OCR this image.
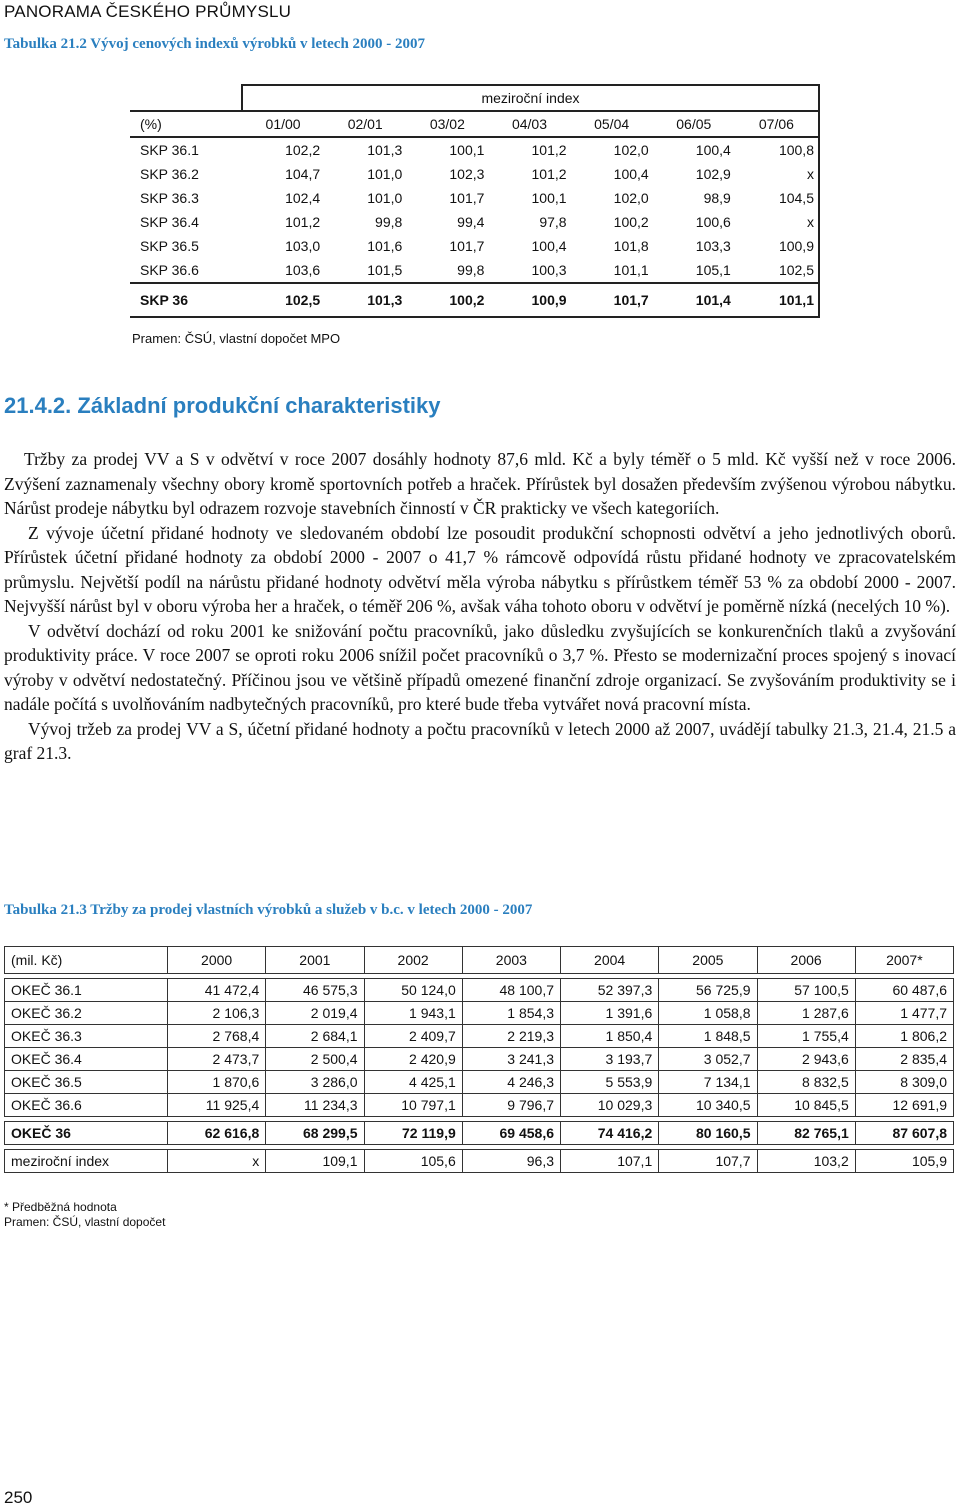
PANORAMA ČESKÉHO PRŮMYSLU
Tabulka 21.2 Vývoj cenových indexů výrobků v letech 2000 - 2007
	meziroční index						
(%)	01/00	02/01	03/02	04/03	05/04	06/05	07/06
SKP 36.1	102,2	101,3	100,1	101,2	102,0	100,4	100,8
SKP 36.2	104,7	101,0	102,3	101,2	100,4	102,9	x
SKP 36.3	102,4	101,0	101,7	100,1	102,0	98,9	104,5
SKP 36.4	101,2	99,8	99,4	97,8	100,2	100,6	x
SKP 36.5	103,0	101,6	101,7	100,4	101,8	103,3	100,9
SKP 36.6	103,6	101,5	99,8	100,3	101,1	105,1	102,5
SKP 36	102,5	101,3	100,2	100,9	101,7	101,4	101,1
Pramen: ČSÚ, vlastní dopočet MPO
21.4.2. Základní produkční charakteristiky

Tržby za prodej VV a S v odvětví v roce 2007 dosáhly hodnoty 87,6 mld. Kč a byly téměř o 5 mld. Kč vyšší než v roce 2006. Zvýšení zaznamenaly všechny obory kromě sportovních potřeb a hraček. Přírůstek byl dosažen především zvýšenou výrobou nábytku. Nárůst prodeje nábytku byl odrazem rozvoje stavebních činností v ČR prakticky ve všech kategoriích.

Z vývoje účetní přidané hodnoty ve sledovaném období lze posoudit produkční schopnosti odvětví a jeho jednotlivých oborů. Přírůstek účetní přidané hodnoty za období 2000 - 2007 o 41,7 % rámcově odpovídá růstu přidané hodnoty ve zpracovatelském průmyslu. Největší podíl na nárůstu přidané hodnoty odvětví měla výroba nábytku s přírůstkem téměř 53 % za období 2000 - 2007. Nejvyšší nárůst byl v oboru výroba her a hraček, o téměř 206 %, avšak váha tohoto oboru v odvětví je poměrně nízká (necelých 10 %).

V odvětví dochází od roku 2001 ke snižování počtu pracovníků, jako důsledku zvyšujících se konkurenčních tlaků a zvyšování produktivity práce. V roce 2007 se oproti roku 2006 snížil počet pracovníků o 3,7 %. Přesto se modernizační proces spojený s inovací výroby v odvětví nedostatečný. Příčinou jsou ve většině případů omezené finanční zdroje organizací. Se zvyšováním produktivity se i nadále počítá s uvolňováním nadbytečných pracovníků, pro které bude třeba vytvářet nová pracovní místa.

Vývoj tržeb za prodej VV a S, účetní přidané hodnoty a počtu pracovníků v letech 2000 až 2007, uvádějí tabulky 21.3, 21.4, 21.5 a graf 21.3.

Tabulka 21.3 Tržby za prodej vlastních výrobků a služeb v b.c. v letech 2000 - 2007
(mil. Kč)	2000	2001	2002	2003	2004	2005	2006	2007*

OKEČ 36.1	41 472,4	46 575,3	50 124,0	48 100,7	52 397,3	56 725,9	57 100,5	60 487,6
OKEČ 36.2	2 106,3	2 019,4	1 943,1	1 854,3	1 391,6	1 058,8	1 287,6	1 477,7
OKEČ 36.3	2 768,4	2 684,1	2 409,7	2 219,3	1 850,4	1 848,5	1 755,4	1 806,2
OKEČ 36.4	2 473,7	2 500,4	2 420,9	3 241,3	3 193,7	3 052,7	2 943,6	2 835,4
OKEČ 36.5	1 870,6	3 286,0	4 425,1	4 246,3	5 553,9	7 134,1	8 832,5	8 309,0
OKEČ 36.6	11 925,4	11 234,3	10 797,1	9 796,7	10 029,3	10 340,5	10 845,5	12 691,9

OKEČ 36	62 616,8	68 299,5	72 119,9	69 458,6	74 416,2	80 160,5	82 765,1	87 607,8

meziroční index	x	109,1	105,6	96,3	107,1	107,7	103,2	105,9
* Předběžná hodnota
Pramen: ČSÚ, vlastní dopočet
250
